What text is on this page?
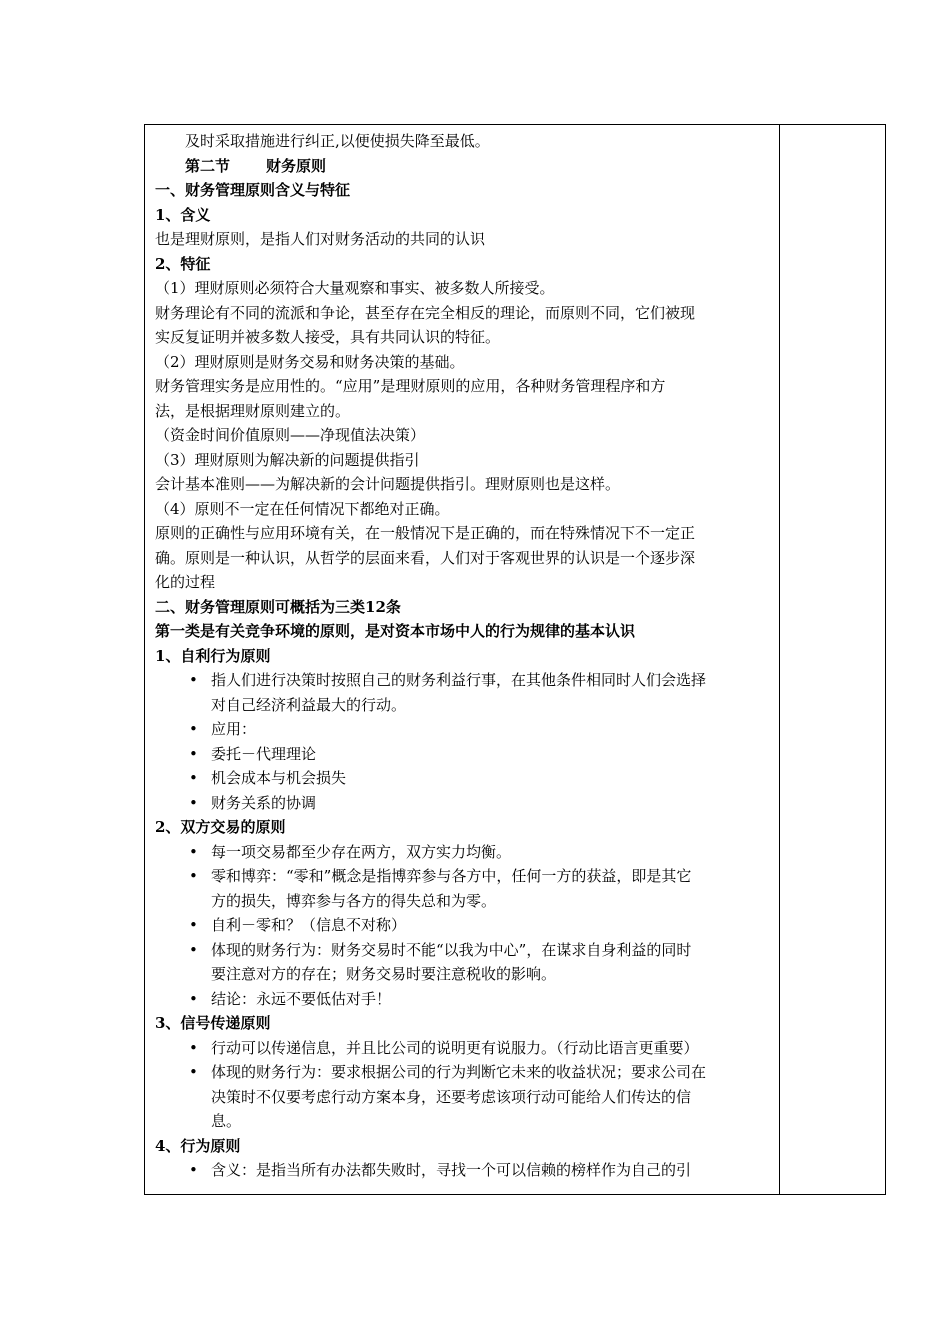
及时采取措施进行纠正,以便使损失降至最低。
第二节 财务原则
一、财务管理原则含义与特征
1、含义
也是理财原则，是指人们对财务活动的共同的认识
2、特征
（1）理财原则必须符合大量观察和事实、被多数人所接受。
财务理论有不同的流派和争论，甚至存在完全相反的理论，而原则不同，它们被现
实反复证明并被多数人接受，具有共同认识的特征。
（2）理财原则是财务交易和财务决策的基础。
财务管理实务是应用性的。“应用”是理财原则的应用，各种财务管理程序和方
法，是根据理财原则建立的。
（资金时间价值原则——净现值法决策）
（3）理财原则为解决新的问题提供指引
会计基本准则——为解决新的会计问题提供指引。理财原则也是这样。
（4）原则不一定在任何情况下都绝对正确。
原则的正确性与应用环境有关，在一般情况下是正确的，而在特殊情况下不一定正
确。原则是一种认识，从哲学的层面来看，人们对于客观世界的认识是一个逐步深
化的过程
二、财务管理原则可概括为三类12条
第一类是有关竞争环境的原则，是对资本市场中人的行为规律的基本认识
1、自利行为原则
• 指人们进行决策时按照自己的财务利益行事，在其他条件相同时人们会选择
对自己经济利益最大的行动。
• 应用：
• 委托－代理理论
• 机会成本与机会损失
• 财务关系的协调
2、双方交易的原则
• 每一项交易都至少存在两方，双方实力均衡。
• 零和博弈：“零和”概念是指博弈参与各方中，任何一方的获益，即是其它
方的损失，博弈参与各方的得失总和为零。
• 自利－零和？（信息不对称）
• 体现的财务行为：财务交易时不能“以我为中心”，在谋求自身利益的同时
要注意对方的存在；财务交易时要注意税收的影响。
• 结论：永远不要低估对手！
3、信号传递原则
• 行动可以传递信息，并且比公司的说明更有说服力。（行动比语言更重要）
• 体现的财务行为：要求根据公司的行为判断它未来的收益状况；要求公司在
决策时不仅要考虑行动方案本身，还要考虑该项行动可能给人们传达的信
息。
4、行为原则
• 含义：是指当所有办法都失败时，寻找一个可以信赖的榜样作为自己的引
